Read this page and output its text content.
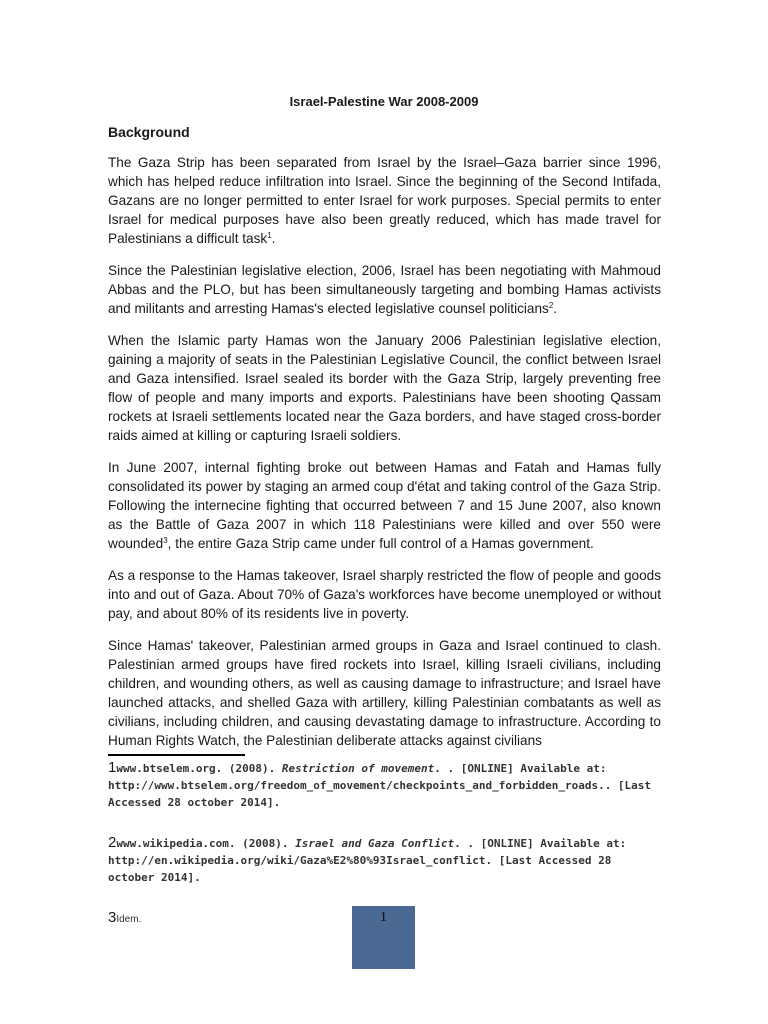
Israel-Palestine War 2008-2009
Background

The Gaza Strip has been separated from Israel by the Israel–Gaza barrier since 1996, which has helped reduce infiltration into Israel. Since the beginning of the Second Intifada, Gazans are no longer permitted to enter Israel for work purposes. Special permits to enter Israel for medical purposes have also been greatly reduced, which has made travel for Palestinians a difficult task$^1$.

Since the Palestinian legislative election, 2006, Israel has been negotiating with Mahmoud Abbas and the PLO, but has been simultaneously targeting and bombing Hamas activists and militants and arresting Hamas's elected legislative counsel politicians$^2$.

When the Islamic party Hamas won the January 2006 Palestinian legislative election, gaining a majority of seats in the Palestinian Legislative Council, the conflict between Israel and Gaza intensified. Israel sealed its border with the Gaza Strip, largely preventing free flow of people and many imports and exports. Palestinians have been shooting Qassam rockets at Israeli settlements located near the Gaza borders, and have staged cross-border raids aimed at killing or capturing Israeli soldiers.

In June 2007, internal fighting broke out between Hamas and Fatah and Hamas fully consolidated its power by staging an armed coup d'état and taking control of the Gaza Strip. Following the internecine fighting that occurred between 7 and 15 June 2007, also known as the Battle of Gaza 2007 in which 118 Palestinians were killed and over 550 were wounded$^3$, the entire Gaza Strip came under full control of a Hamas government.

As a response to the Hamas takeover, Israel sharply restricted the flow of people and goods into and out of Gaza. About 70% of Gaza's workforces have become unemployed or without pay, and about 80% of its residents live in poverty.

Since Hamas' takeover, Palestinian armed groups in Gaza and Israel continued to clash. Palestinian armed groups have fired rockets into Israel, killing Israeli civilians, including children, and wounding others, as well as causing damage to infrastructure; and Israel have launched attacks, and shelled Gaza with artillery, killing Palestinian combatants as well as civilians, including children, and causing devastating damage to infrastructure. According to Human Rights Watch, the Palestinian deliberate attacks against civilians

1www.btselem.org. (2008). Restriction of movement. . [ONLINE] Available at: http://www.btselem.org/freedom_of_movement/checkpoints_and_forbidden_roads.. [Last Accessed 28 october 2014].

2www.wikipedia.com. (2008). Israel and Gaza Conflict. . [ONLINE] Available at: http://en.wikipedia.org/wiki/Gaza%E2%80%93Israel_conflict. [Last Accessed 28 october 2014].

3Idem.	1
